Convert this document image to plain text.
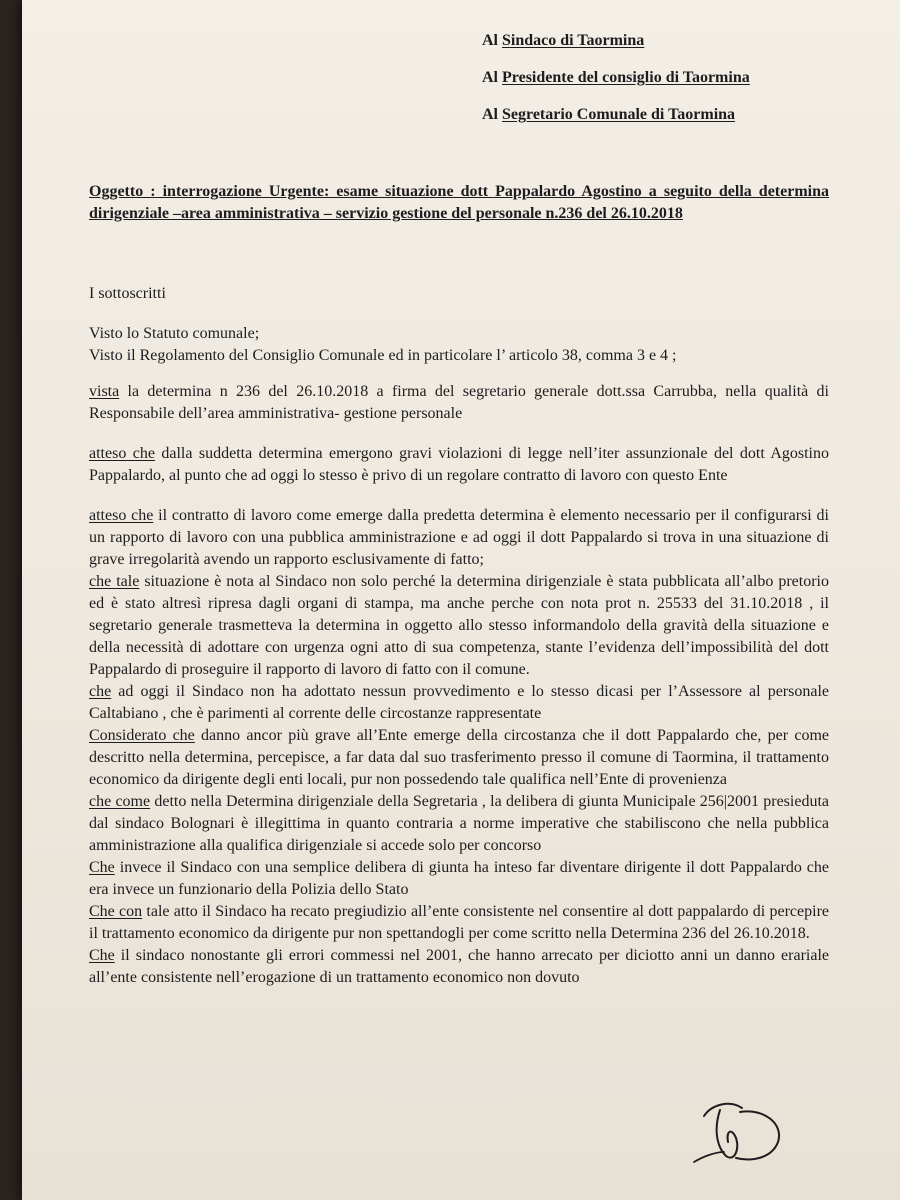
Al Sindaco di Taormina
Al Presidente del consiglio di Taormina
Al Segretario Comunale di Taormina
Oggetto : interrogazione Urgente: esame situazione dott Pappalardo Agostino a seguito della determina dirigenziale –area amministrativa – servizio gestione del personale n.236 del 26.10.2018

I sottoscritti

Visto lo Statuto comunale;

Visto il Regolamento del Consiglio Comunale ed in particolare l’ articolo 38, comma 3 e 4 ;

vista la determina n 236 del 26.10.2018 a firma del segretario generale dott.ssa Carrubba, nella qualità di Responsabile dell’area amministrativa- gestione personale

atteso che dalla suddetta determina emergono gravi violazioni di legge nell’iter assunzionale del dott Agostino Pappalardo, al punto che ad oggi lo stesso è privo di un regolare contratto di lavoro con questo Ente

atteso che il contratto di lavoro come emerge dalla predetta determina è elemento necessario per il configurarsi di un rapporto di lavoro con una pubblica amministrazione e ad oggi il dott Pappalardo si trova in una situazione di grave irregolarità avendo un rapporto esclusivamente di fatto;

che tale situazione è nota al Sindaco non solo perché la determina dirigenziale è stata pubblicata all’albo pretorio ed è stato altresì ripresa dagli organi di stampa, ma anche perche con nota prot n. 25533 del 31.10.2018 , il segretario generale trasmetteva la determina in oggetto allo stesso informandolo della gravità della situazione e della necessità di adottare con urgenza ogni atto di sua competenza, stante l’evidenza dell’impossibilità del dott Pappalardo di proseguire il rapporto di lavoro di fatto con il comune.

che ad oggi il Sindaco non ha adottato nessun provvedimento e lo stesso dicasi per l’Assessore al personale Caltabiano , che è parimenti al corrente delle circostanze rappresentate

Considerato che danno ancor più grave all’Ente emerge della circostanza che il dott Pappalardo che, per come descritto nella determina, percepisce, a far data dal suo trasferimento presso il comune di Taormina, il trattamento economico da dirigente degli enti locali, pur non possedendo tale qualifica nell’Ente di provenienza

che come detto nella Determina dirigenziale della Segretaria , la delibera di giunta Municipale 256|2001 presieduta dal sindaco Bolognari è illegittima in quanto contraria a norme imperative che stabiliscono che nella pubblica amministrazione alla qualifica dirigenziale si accede solo per concorso

Che invece il Sindaco con una semplice delibera di giunta ha inteso far diventare dirigente il dott Pappalardo che era invece un funzionario della Polizia dello Stato

Che con tale atto il Sindaco ha recato pregiudizio all’ente consistente nel consentire al dott pappalardo di percepire il trattamento economico da dirigente pur non spettandogli per come scritto nella Determina 236 del 26.10.2018.

Che il sindaco nonostante gli errori commessi nel 2001, che hanno arrecato per diciotto anni un danno erariale all’ente consistente nell’erogazione di un trattamento economico non dovuto
